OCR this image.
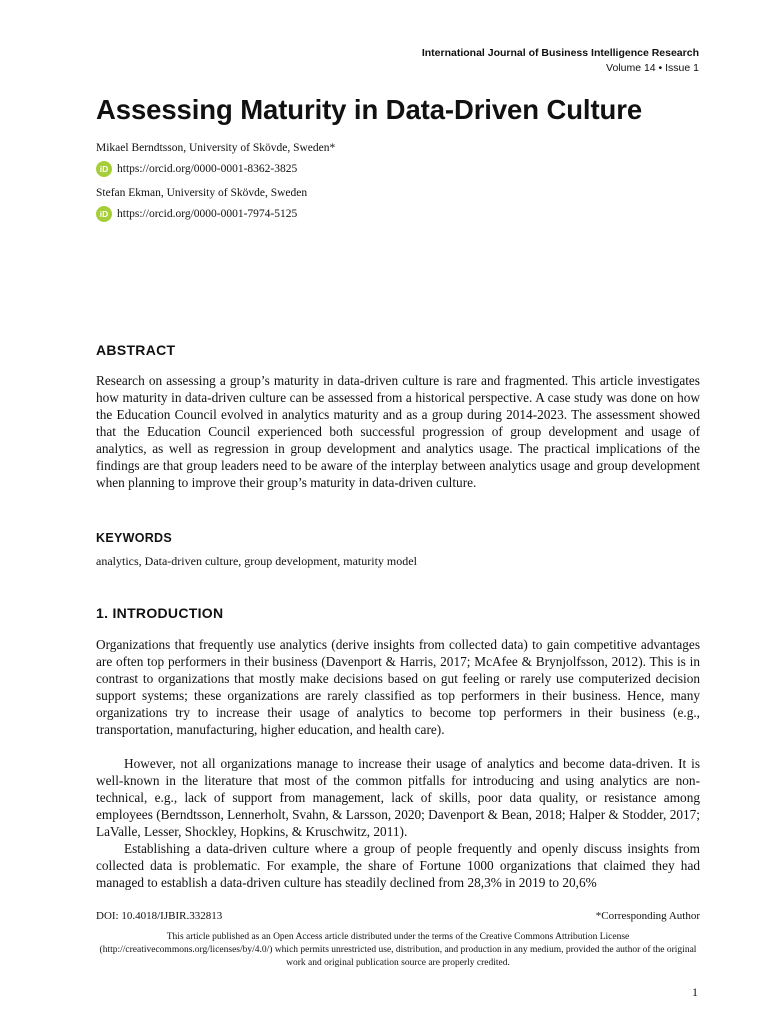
International Journal of Business Intelligence Research
Volume 14 • Issue 1
Assessing Maturity in Data-Driven Culture
Mikael Berndtsson, University of Skövde, Sweden*
iD https://orcid.org/0000-0001-8362-3825
Stefan Ekman, University of Skövde, Sweden
iD https://orcid.org/0000-0001-7974-5125
ABSTRACT

Research on assessing a group’s maturity in data-driven culture is rare and fragmented. This article investigates how maturity in data-driven culture can be assessed from a historical perspective. A case study was done on how the Education Council evolved in analytics maturity and as a group during 2014-2023. The assessment showed that the Education Council experienced both successful progression of group development and usage of analytics, as well as regression in group development and analytics usage. The practical implications of the findings are that group leaders need to be aware of the interplay between analytics usage and group development when planning to improve their group’s maturity in data-driven culture.

KEYWORDS
analytics, Data-driven culture, group development, maturity model
1. INTRODUCTION

Organizations that frequently use analytics (derive insights from collected data) to gain competitive advantages are often top performers in their business (Davenport & Harris, 2017; McAfee & Brynjolfsson, 2012). This is in contrast to organizations that mostly make decisions based on gut feeling or rarely use computerized decision support systems; these organizations are rarely classified as top performers in their business. Hence, many organizations try to increase their usage of analytics to become top performers in their business (e.g., transportation, manufacturing, higher education, and health care).

However, not all organizations manage to increase their usage of analytics and become data-driven. It is well-known in the literature that most of the common pitfalls for introducing and using analytics are non-technical, e.g., lack of support from management, lack of skills, poor data quality, or resistance among employees (Berndtsson, Lennerholt, Svahn, & Larsson, 2020; Davenport & Bean, 2018; Halper & Stodder, 2017; LaValle, Lesser, Shockley, Hopkins, & Kruschwitz, 2011).

Establishing a data-driven culture where a group of people frequently and openly discuss insights from collected data is problematic. For example, the share of Fortune 1000 organizations that claimed they had managed to establish a data-driven culture has steadily declined from 28,3% in 2019 to 20,6%

DOI: 10.4018/IJBIR.332813	*Corresponding Author
This article published as an Open Access article distributed under the terms of the Creative Commons Attribution License (http://creativecommons.org/licenses/by/4.0/) which permits unrestricted use, distribution, and production in any medium, provided the author of the original work and original publication source are properly credited.
1
